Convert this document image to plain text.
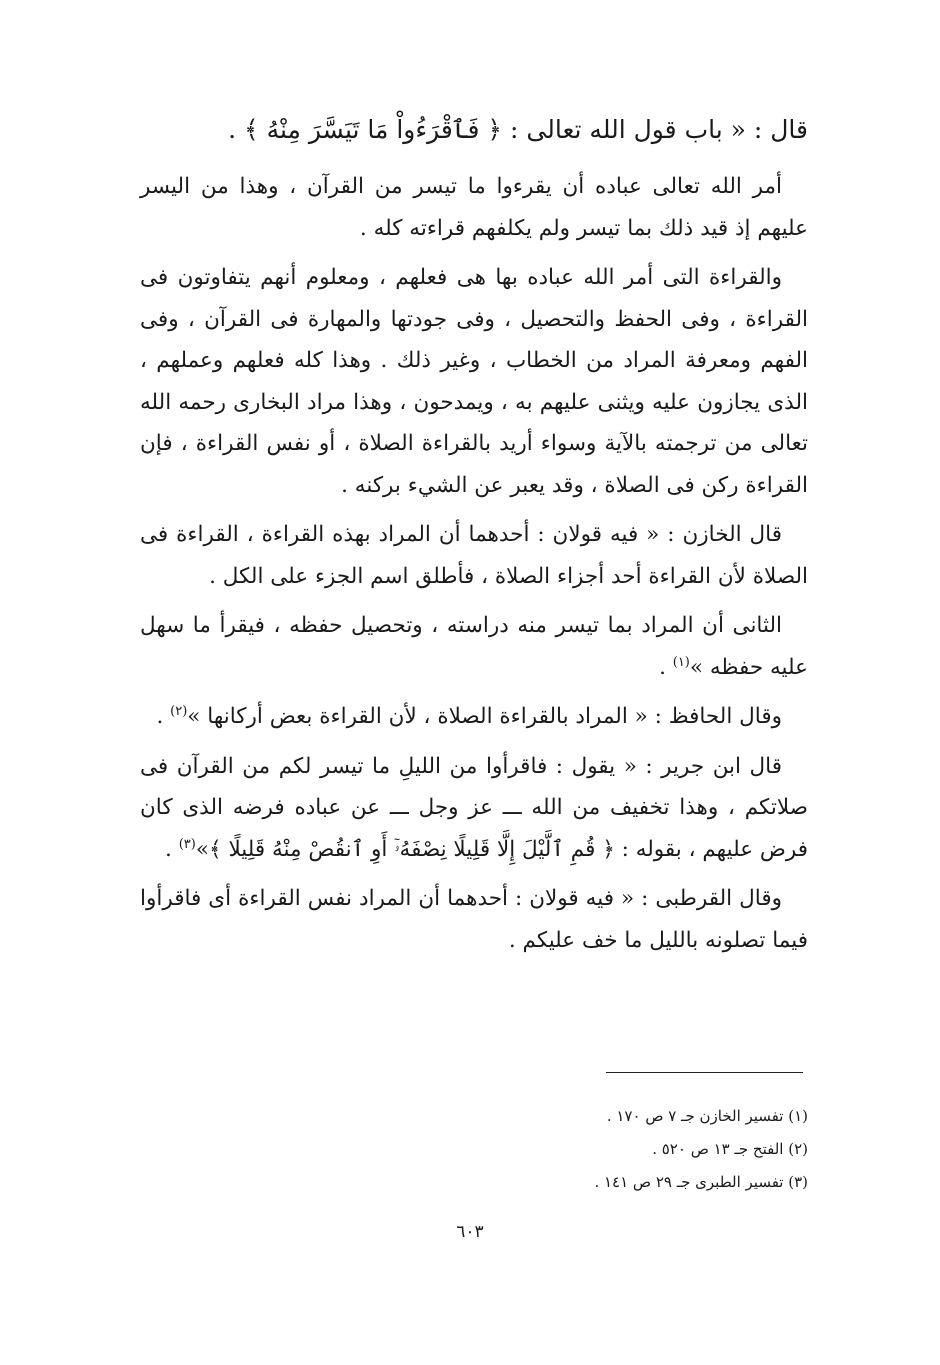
قال : « باب قول الله تعالى : ﴿ فَٱقْرَءُواْ مَا تَيَسَّرَ مِنْهُ ﴾ .

أمر الله تعالى عباده أن يقرءوا ما تيسر من القرآن ، وهذا من اليسر عليهم إذ قيد ذلك بما تيسر ولم يكلفهم قراءته كله .

والقراءة التى أمر الله عباده بها هى فعلهم ، ومعلوم أنهم يتفاوتون فى القراءة ، وفى الحفظ والتحصيل ، وفى جودتها والمهارة فى القرآن ، وفى الفهم ومعرفة المراد من الخطاب ، وغير ذلك . وهذا كله فعلهم وعملهم ، الذى يجازون عليه ويثنى عليهم به ، ويمدحون ، وهذا مراد البخارى رحمه الله تعالى من ترجمته بالآية وسواء أريد بالقراءة الصلاة ، أو نفس القراءة ، فإن القراءة ركن فى الصلاة ، وقد يعبر عن الشيء بركنه .

قال الخازن : « فيه قولان : أحدهما أن المراد بهذه القراءة ، القراءة فى الصلاة لأن القراءة أحد أجزاء الصلاة ، فأطلق اسم الجزء على الكل .

الثانى أن المراد بما تيسر منه دراسته ، وتحصيل حفظه ، فيقرأ ما سهل عليه حفظه »$^{(١)}$ .

وقال الحافظ : « المراد بالقراءة الصلاة ، لأن القراءة بعض أركانها »$^{(٢)}$ .

قال ابن جرير : « يقول : فاقرأوا من الليلِ ما تيسر لكم من القرآن فى صلاتكم ، وهذا تخفيف من الله ـــ عز وجل ـــ عن عباده فرضه الذى كان فرض عليهم ، بقوله : ﴿ قُمِ ٱلَّيْلَ إِلَّا قَلِيلًا نِصْفَهُۥٓ أَوِ ٱنقُصْ مِنْهُ قَلِيلًا ﴾»$^{(٣)}$ .

وقال القرطبى : « فيه قولان : أحدهما أن المراد نفس القراءة أى فاقرأوا فيما تصلونه بالليل ما خف عليكم .

(١) تفسير الخازن جـ ٧ ص ١٧٠ .

(٢) الفتح جـ ١٣ ص ٥٢٠ .

(٣) تفسير الطبرى جـ ٢٩ ص ١٤١ .

٦٠٣
